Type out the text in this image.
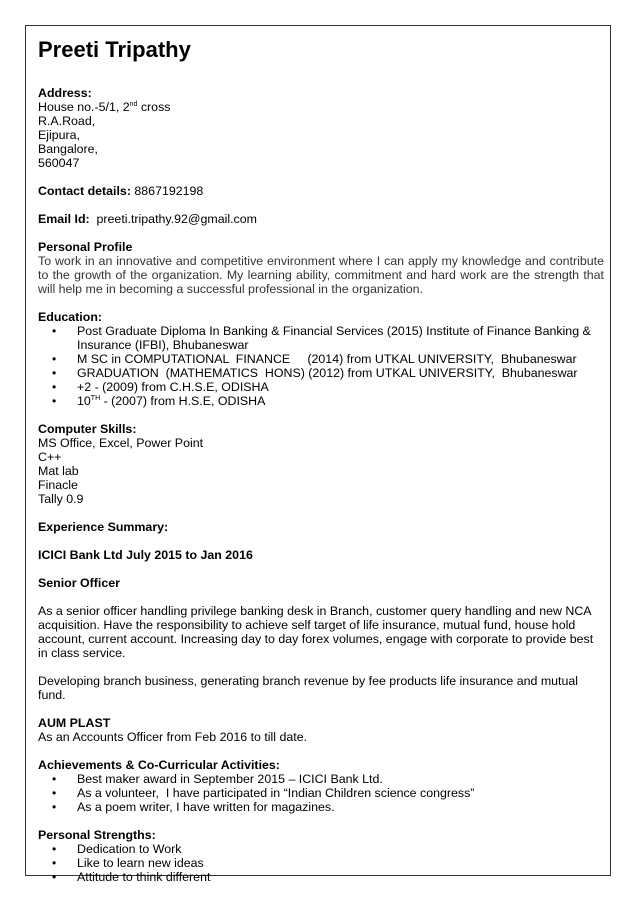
Preeti Tripathy
Address:
House no.-5/1, 2nd cross
R.A.Road,
Ejipura,
Bangalore,
560047
Contact details: 8867192198
Email Id:  preeti.tripathy.92@gmail.com
Personal Profile
To work in an innovative and competitive environment where I can apply my knowledge and contribute to the growth of the organization. My learning ability, commitment and hard work are the strength that will help me in becoming a successful professional in the organization.
Education:
• Post Graduate Diploma In Banking & Financial Services (2015) Institute of Finance Banking & Insurance (IFBI), Bhubaneswar
• M SC in COMPUTATIONAL  FINANCE     (2014) from UTKAL UNIVERSITY,  Bhubaneswar
• GRADUATION  (MATHEMATICS  HONS) (2012) from UTKAL UNIVERSITY,  Bhubaneswar
• +2 - (2009) from C.H.S.E, ODISHA
• 10TH - (2007) from H.S.E, ODISHA
Computer Skills:
MS Office, Excel, Power Point
C++
Mat lab
Finacle
Tally 0.9
Experience Summary:
ICICI Bank Ltd July 2015 to Jan 2016
Senior Officer
As a senior officer handling privilege banking desk in Branch, customer query handling and new NCA acquisition. Have the responsibility to achieve self target of life insurance, mutual fund, house hold account, current account. Increasing day to day forex volumes, engage with corporate to provide best in class service.
Developing branch business, generating branch revenue by fee products life insurance and mutual fund.
AUM PLAST
As an Accounts Officer from Feb 2016 to till date.
Achievements & Co-Curricular Activities:
• Best maker award in September 2015 – ICICI Bank Ltd.
• As a volunteer,  I have participated in “Indian Children science congress”
• As a poem writer, I have written for magazines.
Personal Strengths:
• Dedication to Work
• Like to learn new ideas
• Attitude to think different
